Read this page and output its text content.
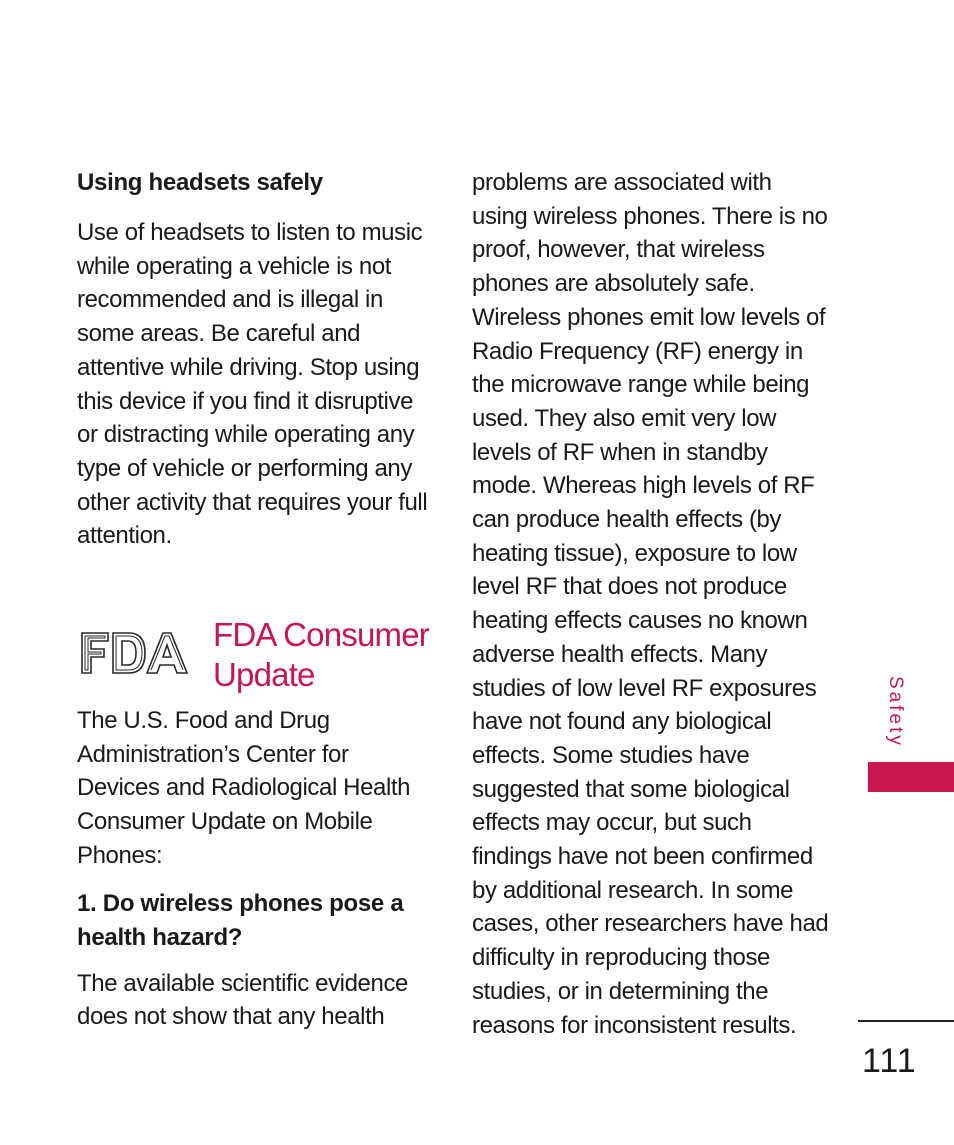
Using headsets safely

Use of headsets to listen to music while operating a vehicle is not recommended and is illegal in some areas. Be careful and attentive while driving. Stop using this device if you find it disruptive or distracting while operating any type of vehicle or performing any other activity that requires your full attention.

FDA Consumer
Update

The U.S. Food and Drug Administration’s Center for Devices and Radiological Health Consumer Update on Mobile Phones:

1. Do wireless phones pose a health hazard?

The available scientific evidence does not show that any health

problems are associated with using wireless phones. There is no proof, however, that wireless phones are absolutely safe. Wireless phones emit low levels of Radio Frequency (RF) energy in the microwave range while being used. They also emit very low levels of RF when in standby mode. Whereas high levels of RF can produce health effects (by heating tissue), exposure to low level RF that does not produce heating effects causes no known adverse health effects. Many studies of low level RF exposures have not found any biological effects. Some studies have suggested that some biological effects may occur, but such findings have not been confirmed by additional research. In some cases, other researchers have had difficulty in reproducing those studies, or in determining the reasons for inconsistent results.

Safety
111
